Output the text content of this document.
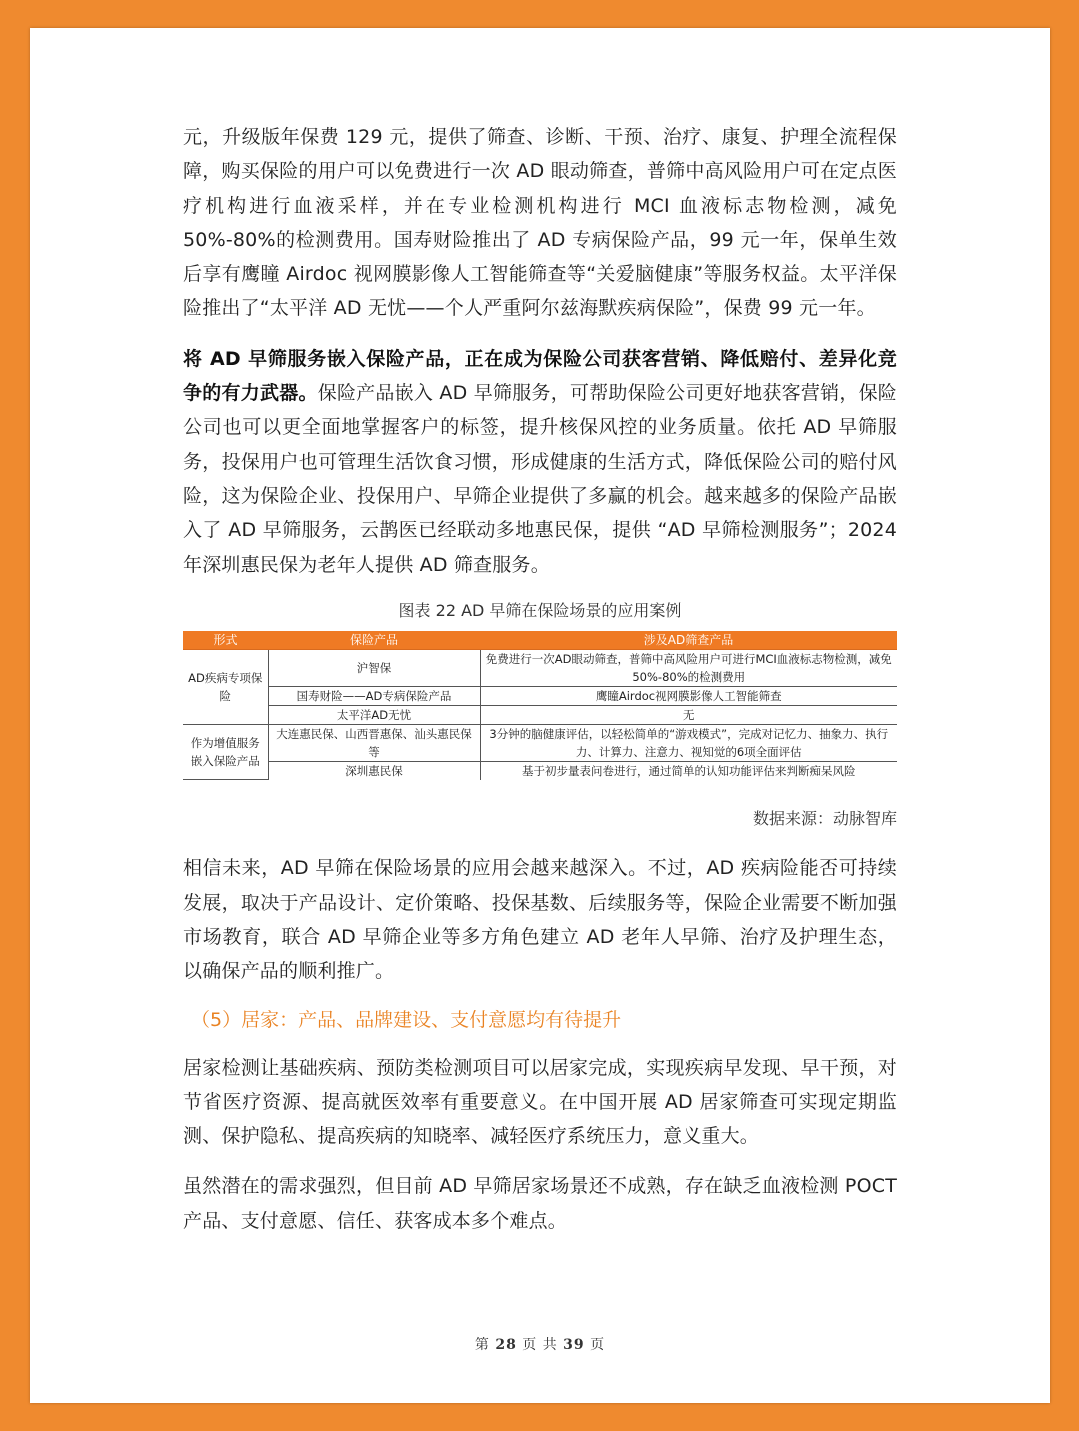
元，升级版年保费 129 元，提供了筛查、诊断、干预、治疗、康复、护理全流程保障，购买保险的用户可以免费进行一次 AD 眼动筛查，普筛中高风险用户可在定点医疗机构进行血液采样，并在专业检测机构进行 MCI 血液标志物检测，减免 50%-80%的检测费用。国寿财险推出了 AD 专病保险产品，99 元一年，保单生效后享有鹰瞳 Airdoc 视网膜影像人工智能筛查等“关爱脑健康”等服务权益。太平洋保险推出了“太平洋 AD 无忧——个人严重阿尔兹海默疾病保险”，保费 99 元一年。

将 AD 早筛服务嵌入保险产品，正在成为保险公司获客营销、降低赔付、差异化竞争的有力武器。保险产品嵌入 AD 早筛服务，可帮助保险公司更好地获客营销，保险公司也可以更全面地掌握客户的标签，提升核保风控的业务质量。依托 AD 早筛服务，投保用户也可管理生活饮食习惯，形成健康的生活方式，降低保险公司的赔付风险，这为保险企业、投保用户、早筛企业提供了多赢的机会。越来越多的保险产品嵌入了 AD 早筛服务，云鹊医已经联动多地惠民保，提供 “AD 早筛检测服务”；2024 年深圳惠民保为老年人提供 AD 筛查服务。

图表 22 AD 早筛在保险场景的应用案例
形式	保险产品	涉及AD筛查产品
AD疾病专项保险	沪智保	免费进行一次AD眼动筛查，普筛中高风险用户可进行MCI血液标志物检测，减免50%-80%的检测费用
	国寿财险——AD专病保险产品	鹰瞳Airdoc视网膜影像人工智能筛查
	太平洋AD无忧	无
作为增值服务嵌入保险产品	大连惠民保、山西晋惠保、汕头惠民保等	3分钟的脑健康评估，以轻松简单的“游戏模式”，完成对记忆力、抽象力、执行力、计算力、注意力、视知觉的6项全面评估
	深圳惠民保	基于初步量表问卷进行，通过简单的认知功能评估来判断痴呆风险
数据来源：动脉智库

相信未来，AD 早筛在保险场景的应用会越来越深入。不过，AD 疾病险能否可持续发展，取决于产品设计、定价策略、投保基数、后续服务等，保险企业需要不断加强市场教育，联合 AD 早筛企业等多方角色建立 AD 老年人早筛、治疗及护理生态，以确保产品的顺利推广。

（5）居家：产品、品牌建设、支付意愿均有待提升

居家检测让基础疾病、预防类检测项目可以居家完成，实现疾病早发现、早干预，对节省医疗资源、提高就医效率有重要意义。在中国开展 AD 居家筛查可实现定期监测、保护隐私、提高疾病的知晓率、减轻医疗系统压力，意义重大。

虽然潜在的需求强烈，但目前 AD 早筛居家场景还不成熟，存在缺乏血液检测 POCT 产品、支付意愿、信任、获客成本多个难点。

第 28 页 共 39 页
